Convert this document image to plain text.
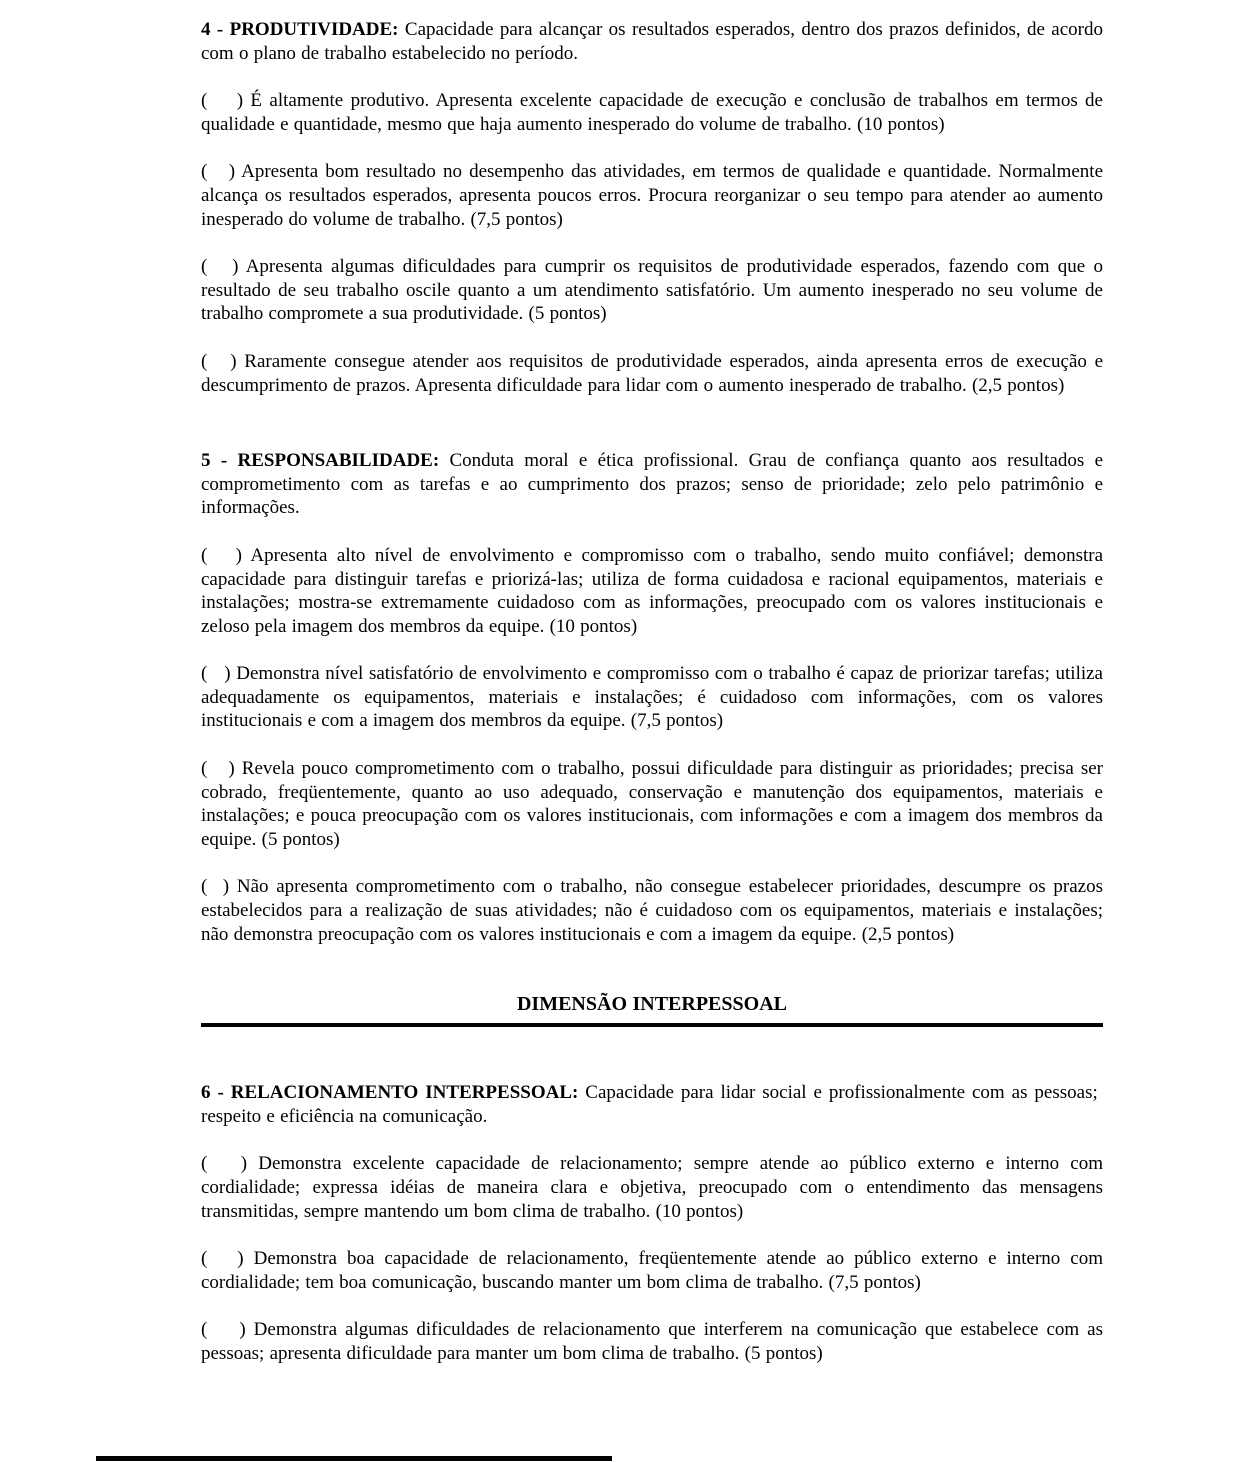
4 - PRODUTIVIDADE: Capacidade para alcançar os resultados esperados, dentro dos prazos definidos, de acordo com o plano de trabalho estabelecido no período.

(    ) É altamente produtivo. Apresenta excelente capacidade de execução e conclusão de trabalhos em termos de qualidade e quantidade, mesmo que haja aumento inesperado do volume de trabalho. (10 pontos)

(   ) Apresenta bom resultado no desempenho das atividades, em termos de qualidade e quantidade. Normalmente alcança os resultados esperados, apresenta poucos erros. Procura reorganizar o seu tempo para atender ao aumento inesperado do volume de trabalho. (7,5 pontos)

(   ) Apresenta algumas dificuldades para cumprir os requisitos de produtividade esperados, fazendo com que o resultado de seu trabalho oscile quanto a um atendimento satisfatório. Um aumento inesperado no seu volume de trabalho compromete a sua produtividade. (5 pontos)

(   ) Raramente consegue atender aos requisitos de produtividade esperados, ainda apresenta erros de execução e descumprimento de prazos. Apresenta dificuldade para lidar com o aumento inesperado de trabalho. (2,5 pontos)

5 - RESPONSABILIDADE: Conduta moral e ética profissional. Grau de confiança quanto aos resultados e comprometimento com as tarefas e ao cumprimento dos prazos; senso de prioridade; zelo pelo patrimônio e informações.

(   ) Apresenta alto nível de envolvimento e compromisso com o trabalho, sendo muito confiável; demonstra capacidade para distinguir tarefas e priorizá-las; utiliza de forma cuidadosa e racional equipamentos, materiais e instalações; mostra-se extremamente cuidadoso com as informações, preocupado com os valores institucionais e zeloso pela imagem dos membros da equipe. (10 pontos)

(   ) Demonstra nível satisfatório de envolvimento e compromisso com o trabalho é capaz de priorizar tarefas; utiliza adequadamente os equipamentos, materiais e instalações; é cuidadoso com informações, com os valores institucionais e com a imagem dos membros da equipe. (7,5 pontos)

(   ) Revela pouco comprometimento com o trabalho, possui dificuldade para distinguir as prioridades; precisa ser cobrado, freqüentemente, quanto ao uso adequado, conservação e manutenção dos equipamentos, materiais e instalações; e pouca preocupação com os valores institucionais, com informações e com a imagem dos membros da equipe. (5 pontos)

(  ) Não apresenta comprometimento com o trabalho, não consegue estabelecer prioridades, descumpre os prazos estabelecidos para a realização de suas atividades; não é cuidadoso com os equipamentos, materiais e instalações; não demonstra preocupação com os valores institucionais e com a imagem da equipe. (2,5 pontos)

DIMENSÃO INTERPESSOAL

6 - RELACIONAMENTO INTERPESSOAL: Capacidade para lidar social e profissionalmente com as pessoas;  respeito e eficiência na comunicação.

(   ) Demonstra excelente capacidade de relacionamento; sempre atende ao público externo e interno com cordialidade; expressa idéias de maneira clara e objetiva, preocupado com o entendimento das mensagens transmitidas, sempre mantendo um bom clima de trabalho. (10 pontos)

(   ) Demonstra boa capacidade de relacionamento, freqüentemente atende ao público externo e interno com cordialidade; tem boa comunicação, buscando manter um bom clima de trabalho. (7,5 pontos)

(    ) Demonstra algumas dificuldades de relacionamento que interferem na comunicação que estabelece com as pessoas; apresenta dificuldade para manter um bom clima de trabalho. (5 pontos)
